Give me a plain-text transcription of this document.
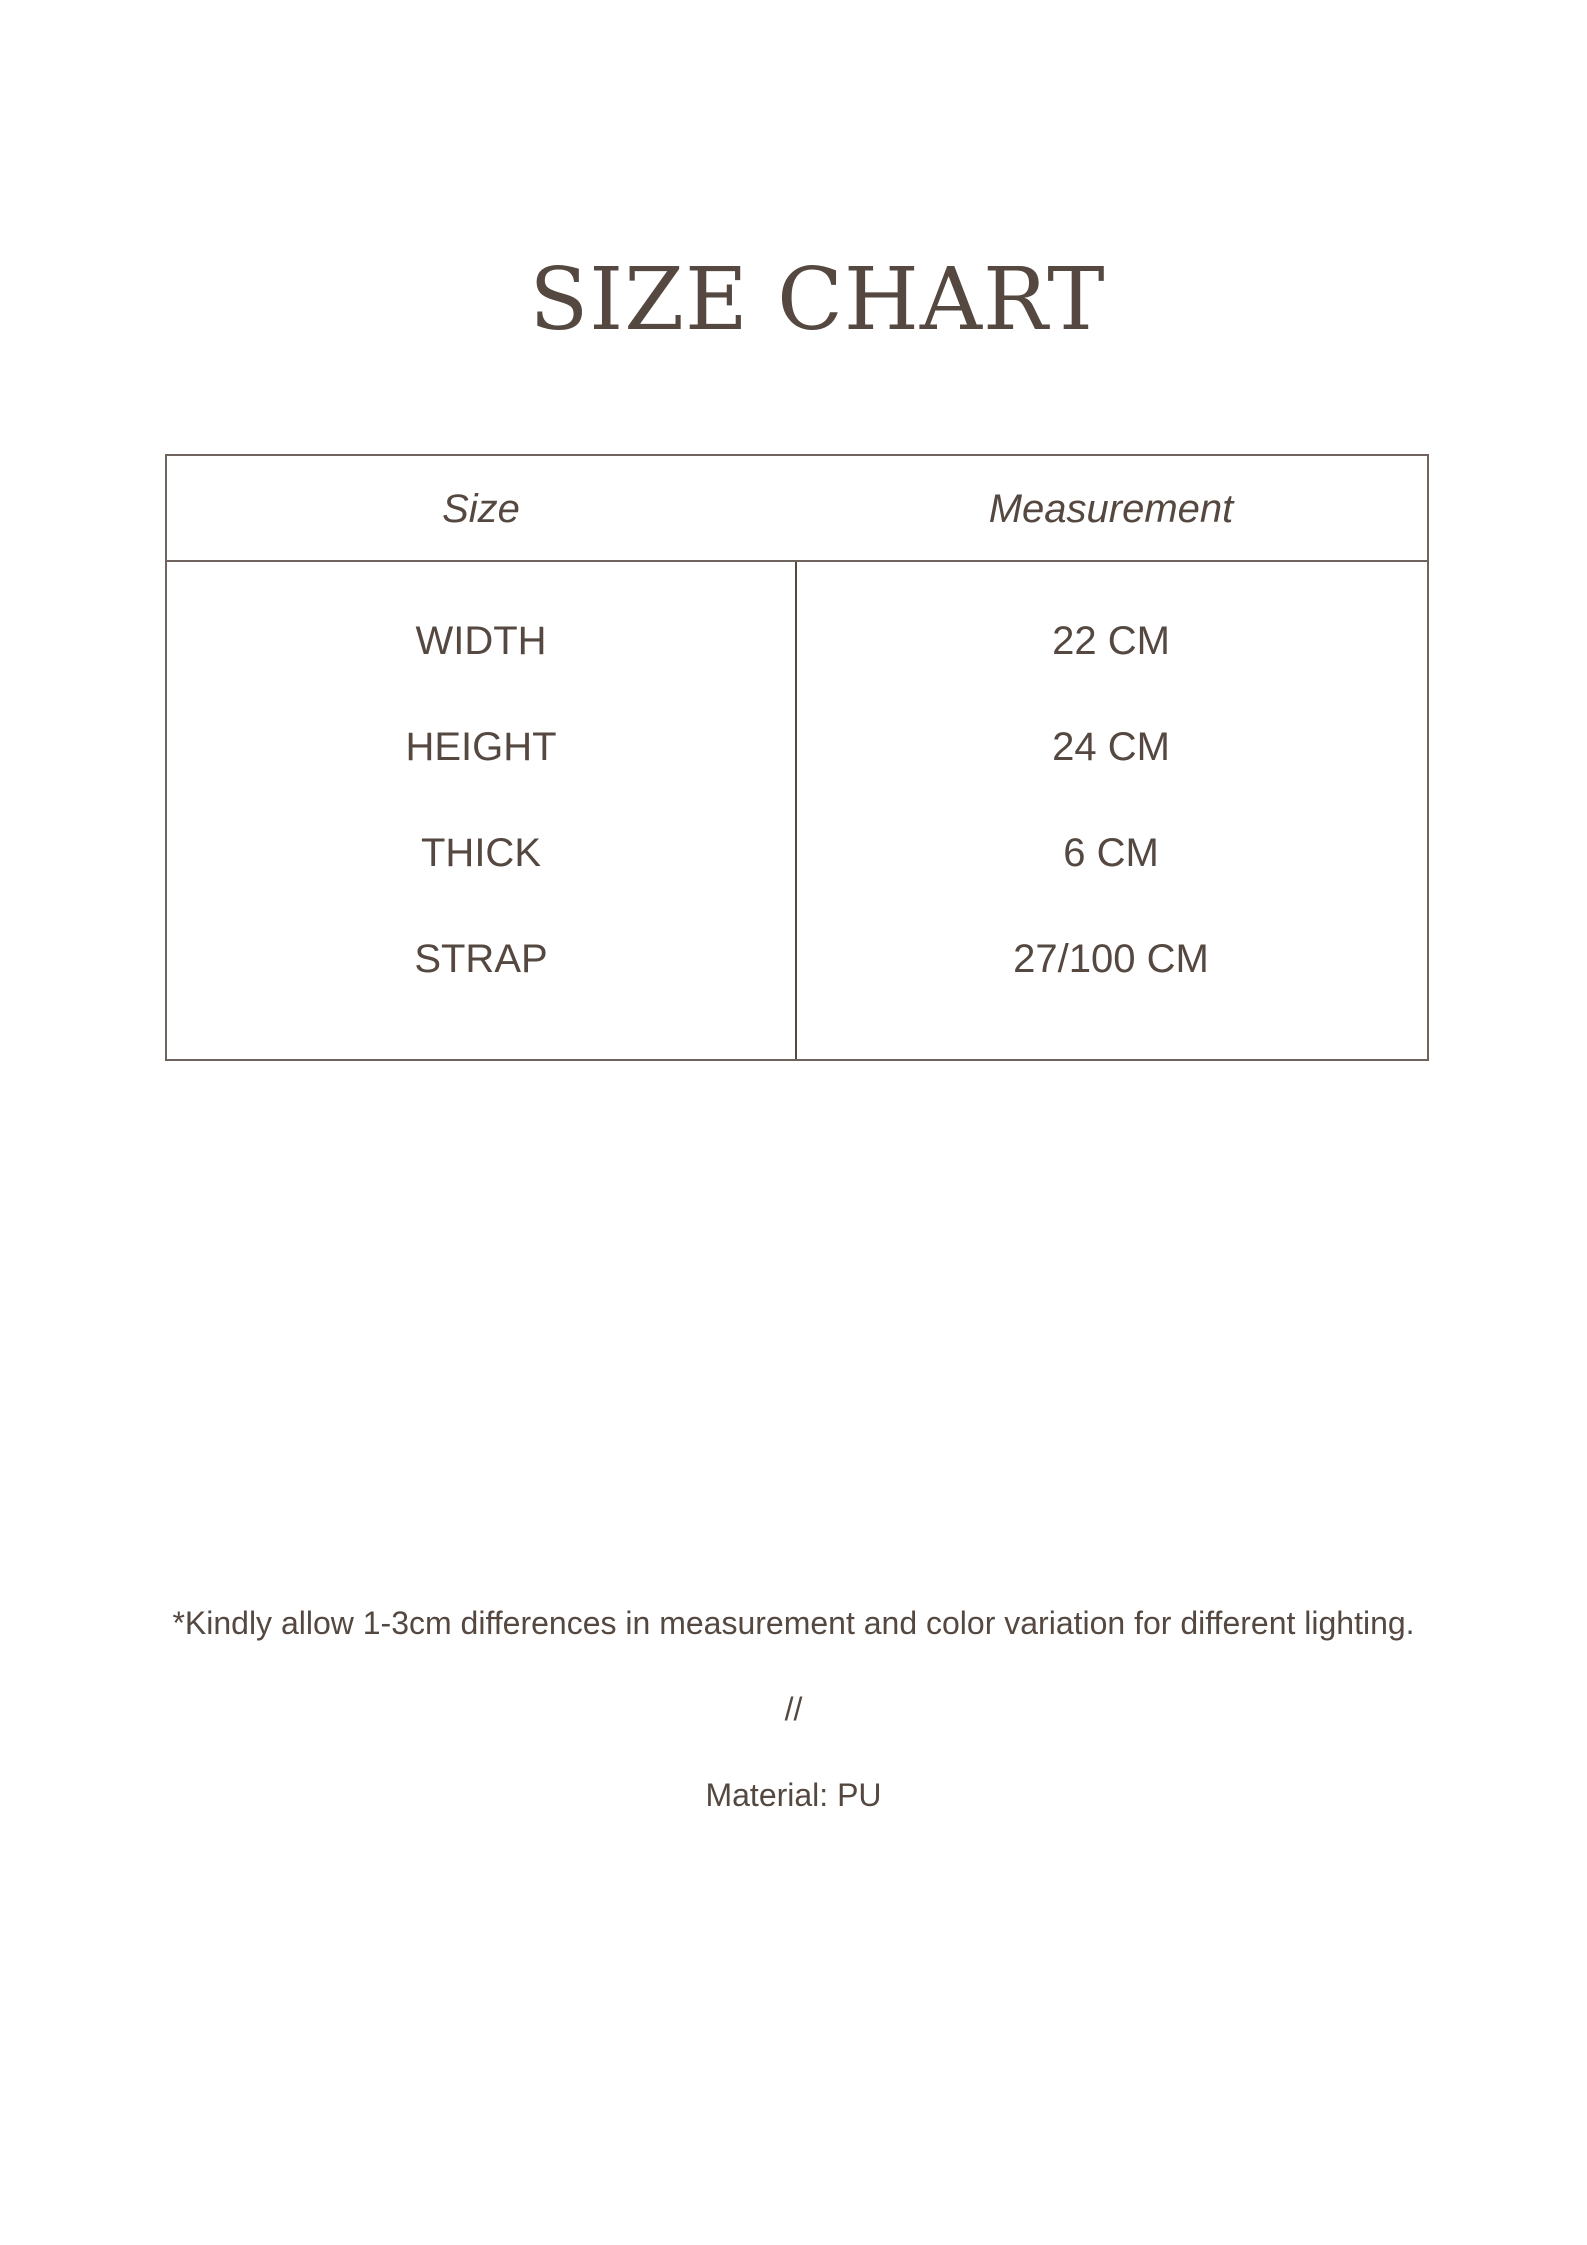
SIZE CHART
Size	Measurement
WIDTH	22 CM
HEIGHT	24 CM
THICK	6 CM
STRAP	27/100 CM
*Kindly allow 1-3cm differences in measurement and color variation for different lighting.
//
Material: PU
